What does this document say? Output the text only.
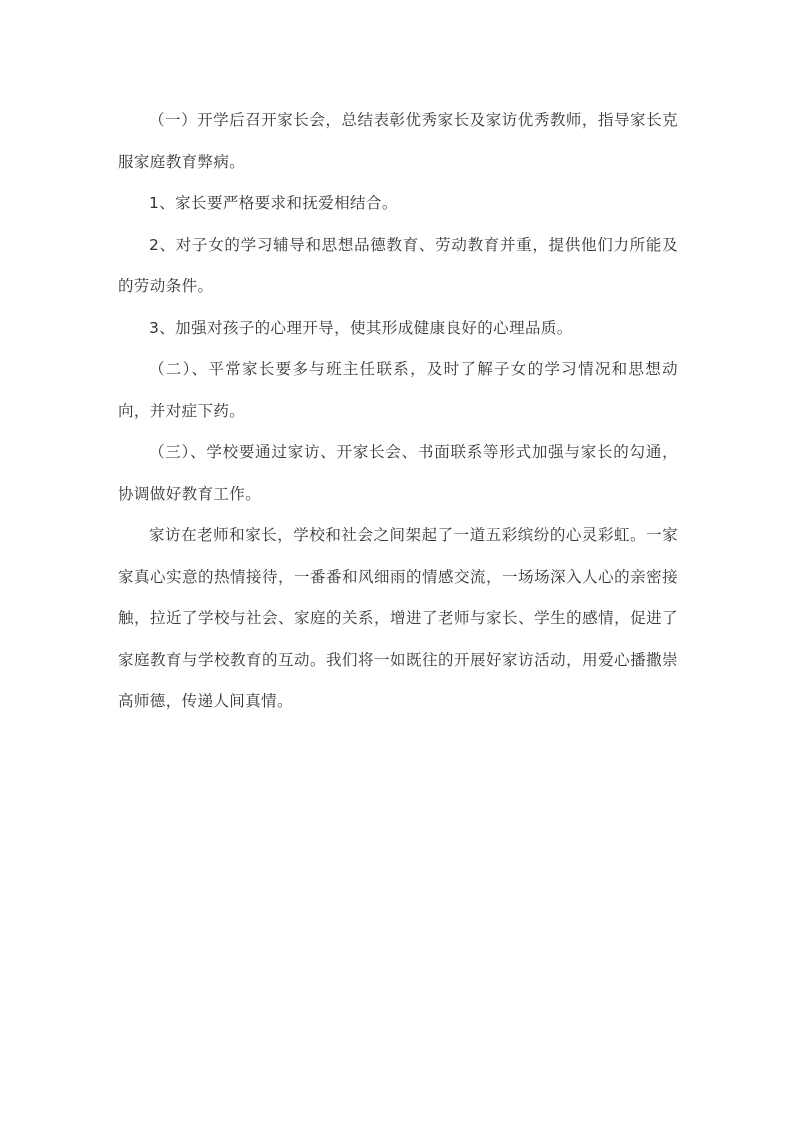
（一）开学后召开家长会，总结表彰优秀家长及家访优秀教师，指导家长克服家庭教育弊病。

1、家长要严格要求和抚爱相结合。

2、对子女的学习辅导和思想品德教育、劳动教育并重，提供他们力所能及的劳动条件。

3、加强对孩子的心理开导，使其形成健康良好的心理品质。

（二）、平常家长要多与班主任联系，及时了解子女的学习情况和思想动向，并对症下药。

（三）、学校要通过家访、开家长会、书面联系等形式加强与家长的勾通，协调做好教育工作。

家访在老师和家长，学校和社会之间架起了一道五彩缤纷的心灵彩虹。一家家真心实意的热情接待，一番番和风细雨的情感交流，一场场深入人心的亲密接触，拉近了学校与社会、家庭的关系，增进了老师与家长、学生的感情，促进了家庭教育与学校教育的互动。我们将一如既往的开展好家访活动，用爱心播撒崇高师德，传递人间真情。
